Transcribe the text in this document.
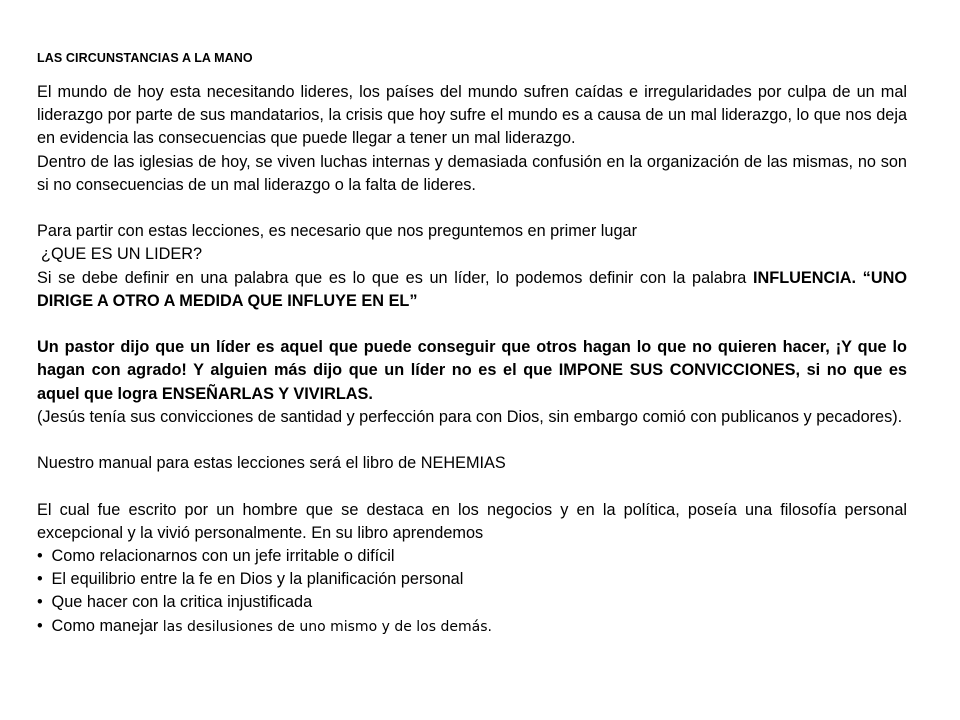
LAS CIRCUNSTANCIAS A LA MANO

El mundo de hoy esta necesitando lideres, los países del mundo sufren caídas e irregularidades por culpa de un mal liderazgo por parte de sus mandatarios, la crisis que hoy sufre el mundo es a causa de un mal liderazgo, lo que nos deja en evidencia las consecuencias que puede llegar a tener un mal liderazgo.

Dentro de las iglesias de hoy, se viven luchas internas y demasiada confusión en la organización de las mismas, no son si no consecuencias de un mal liderazgo o la falta de lideres.

Para partir con estas lecciones, es necesario que nos preguntemos en primer lugar

¿QUE ES UN LIDER?

Si se debe definir en una palabra que es lo que es un líder, lo podemos definir con la palabra INFLUENCIA. “UNO DIRIGE A OTRO A MEDIDA QUE INFLUYE EN EL”

Un pastor dijo que un líder es aquel que puede conseguir que otros hagan lo que no quieren hacer, ¡Y que lo hagan con agrado! Y alguien más dijo que un líder no es el que IMPONE SUS CONVICCIONES, si no que es aquel que logra ENSEÑARLAS Y VIVIRLAS.

(Jesús tenía sus convicciones de santidad y perfección para con Dios, sin embargo comió con publicanos y pecadores).

Nuestro manual para estas lecciones será el libro de NEHEMIAS

El cual fue escrito por un hombre que se destaca en los negocios y en la política, poseía una filosofía personal excepcional y la vivió personalmente. En su libro aprendemos

• Como relacionarnos con un jefe irritable o difícil

• El equilibrio entre la fe en Dios y la planificación personal

• Que hacer con la critica injustificada

• Como manejar las desilusiones de uno mismo y de los demás.
